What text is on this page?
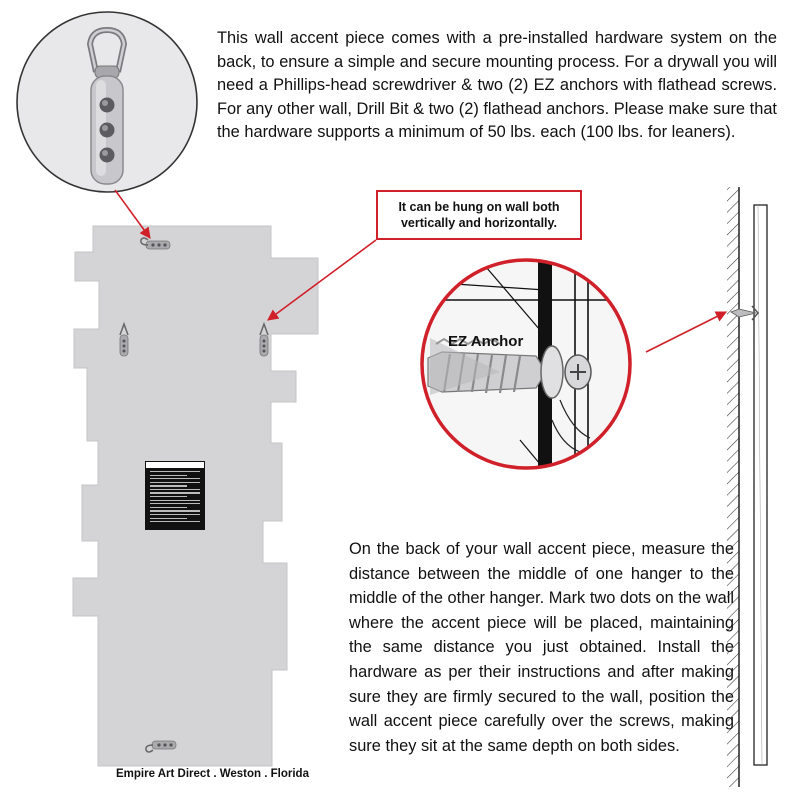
This wall accent piece comes with a pre-installed hardware system on the back, to ensure a simple and secure mounting process. For a drywall you will need a Phillips-head screwdriver & two (2) EZ anchors with flathead screws. For any other wall, Drill Bit & two (2) flathead anchors. Please make sure that the hardware supports a minimum of 50 lbs. each (100 lbs. for leaners).
It can be hung on wall both
vertically and horizontally.
EZ Anchor
On the back of your wall accent piece, measure the distance between the middle of one hanger to the middle of the other hanger. Mark two dots on the wall where the accent piece will be placed, maintaining the same distance you just obtained. Install the hardware as per their instructions and after making sure they are firmly secured to the wall, position the wall accent piece carefully over the screws, making sure they sit at the same depth on both sides.
Empire Art Direct . Weston . Florida
